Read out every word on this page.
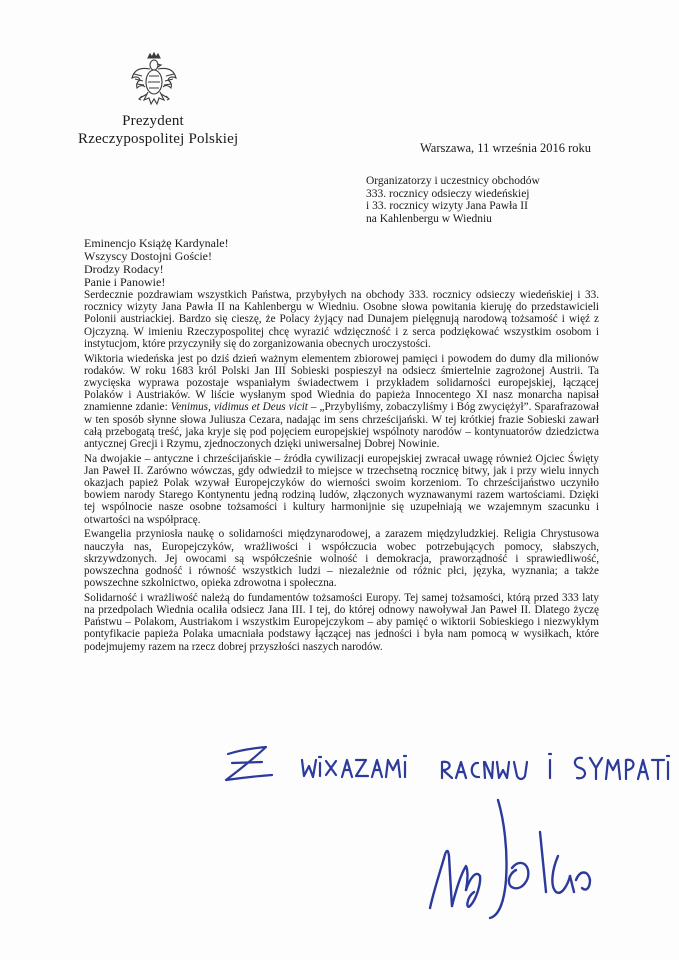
Prezydent
Rzeczypospolitej Polskiej
Warszawa, 11 września 2016 roku
Organizatorzy i uczestnicy obchodów
333. rocznicy odsieczy wiedeńskiej
i 33. rocznicy wizyty Jana Pawła II
na Kahlenbergu w Wiedniu
Eminencjo Książę Kardynale!
Wszyscy Dostojni Goście!
Drodzy Rodacy!
Panie i Panowie!

Serdecznie pozdrawiam wszystkich Państwa, przybyłych na obchody 333. rocznicy odsieczy wiedeńskiej i 33. rocznicy wizyty Jana Pawła II na Kahlenbergu w Wiedniu. Osobne słowa powitania kieruję do przedstawicieli Polonii austriackiej. Bardzo się cieszę, że Polacy żyjący nad Dunajem pielęgnują narodową tożsamość i więź z Ojczyzną. W imieniu Rzeczypospolitej chcę wyrazić wdzięczność i z serca podziękować wszystkim osobom i instytucjom, które przyczyniły się do zorganizowania obecnych uroczystości.

Wiktoria wiedeńska jest po dziś dzień ważnym elementem zbiorowej pamięci i powodem do dumy dla milionów rodaków. W roku 1683 król Polski Jan III Sobieski pospieszył na odsiecz śmiertelnie zagrożonej Austrii. Ta zwycięska wyprawa pozostaje wspaniałym świadectwem i przykładem solidarności europejskiej, łączącej Polaków i Austriaków. W liście wysłanym spod Wiednia do papieża Innocentego XI nasz monarcha napisał znamienne zdanie: Venimus, vidimus et Deus vicit – „Przybyliśmy, zobaczyliśmy i Bóg zwyciężył”. Sparafrazował w ten sposób słynne słowa Juliusza Cezara, nadając im sens chrześcijański. W tej krótkiej frazie Sobieski zawarł całą przebogatą treść, jaka kryje się pod pojęciem europejskiej wspólnoty narodów – kontynuatorów dziedzictwa antycznej Grecji i Rzymu, zjednoczonych dzięki uniwersalnej Dobrej Nowinie.

Na dwojakie – antyczne i chrześcijańskie – źródła cywilizacji europejskiej zwracał uwagę również Ojciec Święty Jan Paweł II. Zarówno wówczas, gdy odwiedził to miejsce w trzechsetną rocznicę bitwy, jak i przy wielu innych okazjach papież Polak wzywał Europejczyków do wierności swoim korzeniom. To chrześcijaństwo uczyniło bowiem narody Starego Kontynentu jedną rodziną ludów, złączonych wyznawanymi razem wartościami. Dzięki tej wspólnocie nasze osobne tożsamości i kultury harmonijnie się uzupełniają we wzajemnym szacunku i otwartości na współpracę.

Ewangelia przyniosła naukę o solidarności międzynarodowej, a zarazem międzyludzkiej. Religia Chrystusowa nauczyła nas, Europejczyków, wrażliwości i współczucia wobec potrzebujących pomocy, słabszych, skrzywdzonych. Jej owocami są współcześnie wolność i demokracja, praworządność i sprawiedliwość, powszechna godność i równość wszystkich ludzi – niezależnie od różnic płci, języka, wyznania; a także powszechne szkolnictwo, opieka zdrowotna i społeczna.

Solidarność i wrażliwość należą do fundamentów tożsamości Europy. Tej samej tożsamości, którą przed 333 laty na przedpolach Wiednia ocaliła odsiecz Jana III. I tej, do której odnowy nawoływał Jan Paweł II. Dlatego życzę Państwu – Polakom, Austriakom i wszystkim Europejczykom – aby pamięć o wiktorii Sobieskiego i niezwykłym pontyfikacie papieża Polaka umacniała podstawy łączącej nas jedności i była nam pomocą w wysiłkach, które podejmujemy razem na rzecz dobrej przyszłości naszych narodów.
